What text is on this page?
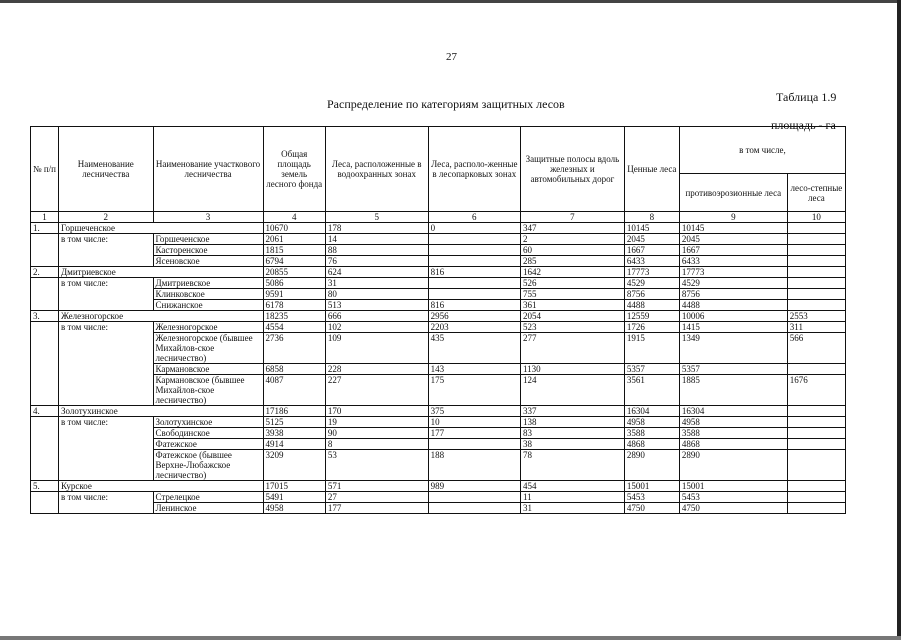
27
Таблица 1.9
Распределение по категориям защитных лесов
площадь - га
№ п/п	Наименование лесничества	Наименование участкового лесничества	Общая площадь земель лесного фонда	Леса, расположенные в водоохранных зонах	Леса, располо-женные в лесопарковых зонах	Защитные полосы вдоль железных и автомобильных дорог	Ценные леса	в том числе,	
								противоэрозионные леса	лесо-степные леса
1	2	3	4	5	6	7	8	9	10
1.	Горшеченское		10670	178	0	347	10145	10145	
	в том числе:	Горшеченское	2061	14		2	2045	2045	
		Касторенское	1815	88		60	1667	1667	
		Ясеновское	6794	76		285	6433	6433	
2.	Дмитриевское		20855	624	816	1642	17773	17773	
	в том числе:	Дмитриевское	5086	31		526	4529	4529	
		Клинковское	9591	80		755	8756	8756	
		Снижанское	6178	513	816	361	4488	4488	
3.	Железногорское		18235	666	2956	2054	12559	10006	2553
	в том числе:	Железногорское	4554	102	2203	523	1726	1415	311
		Железногорское (бывшее Михайлов-ское лесничество)	2736	109	435	277	1915	1349	566
		Кармановское	6858	228	143	1130	5357	5357	
		Кармановское (бывшее Михайлов-ское лесничество)	4087	227	175	124	3561	1885	1676
4.	Золотухинское		17186	170	375	337	16304	16304	
	в том числе:	Золотухинское	5125	19	10	138	4958	4958	
		Свободинское	3938	90	177	83	3588	3588	
		Фатежское	4914	8		38	4868	4868	
		Фатежское (бывшее Верхне-Любажское лесничество)	3209	53	188	78	2890	2890	
5.	Курское		17015	571	989	454	15001	15001	
	в том числе:	Стрелецкое	5491	27		11	5453	5453	
		Ленинское	4958	177		31	4750	4750	
